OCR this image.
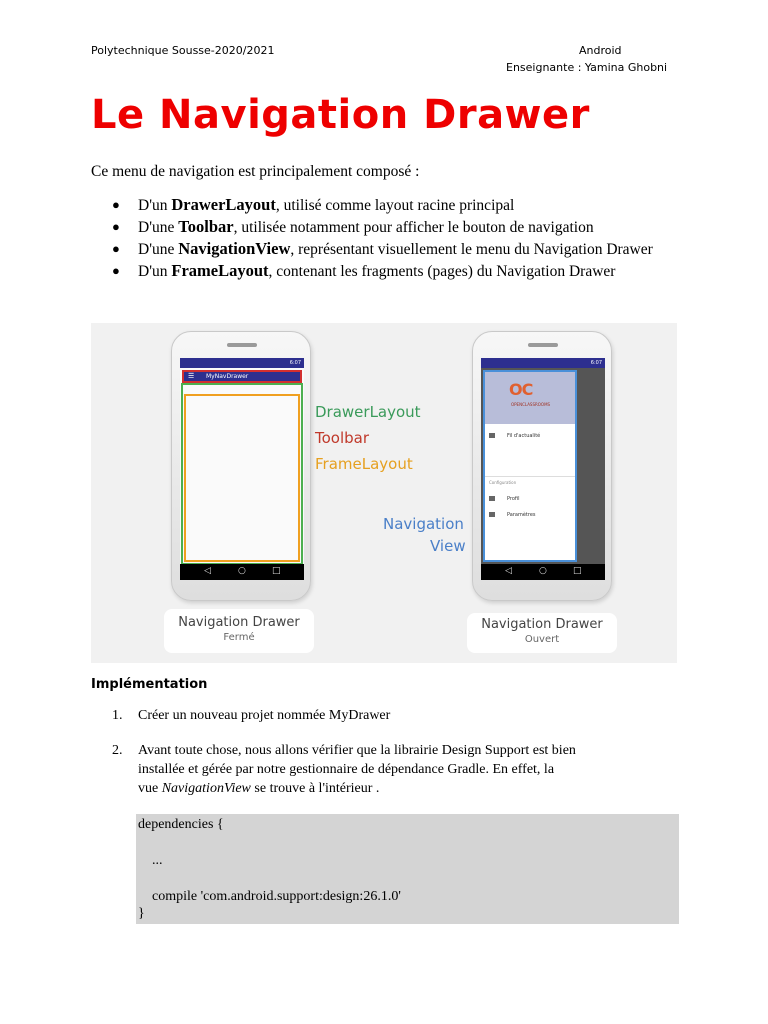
Polytechnique Sousse-2020/2021	Android
Enseignante : Yamina Ghobni
Le Navigation Drawer

Ce menu de navigation est principalement composé :

● D'un DrawerLayout, utilisé comme layout racine principal
● D'une Toolbar, utilisée notamment pour afficher le bouton de navigation
● D'une NavigationView, représentant visuellement le menu du Navigation Drawer
● D'un FrameLayout, contenant les fragments (pages) du Navigation Drawer
6:07
☰ MyNavDrawer
◁	○	□
6:07
OC
OPENCLASSROOMS
Fil d'actualité
Configuration
Profil
Paramètres
◁	○	□
DrawerLayout
Toolbar
FrameLayout
Navigation
View
Navigation Drawer
Fermé
Navigation Drawer
Ouvert
Implémentation
1. Créer un nouveau projet nommée MyDrawer
2. Avant toute chose, nous allons vérifier que la librairie Design Support est bien
installée et gérée par notre gestionnaire de dépendance Gradle. En effet, la
vue NavigationView se trouve à l'intérieur .
dependencies {
...
compile 'com.android.support:design:26.1.0'
}
